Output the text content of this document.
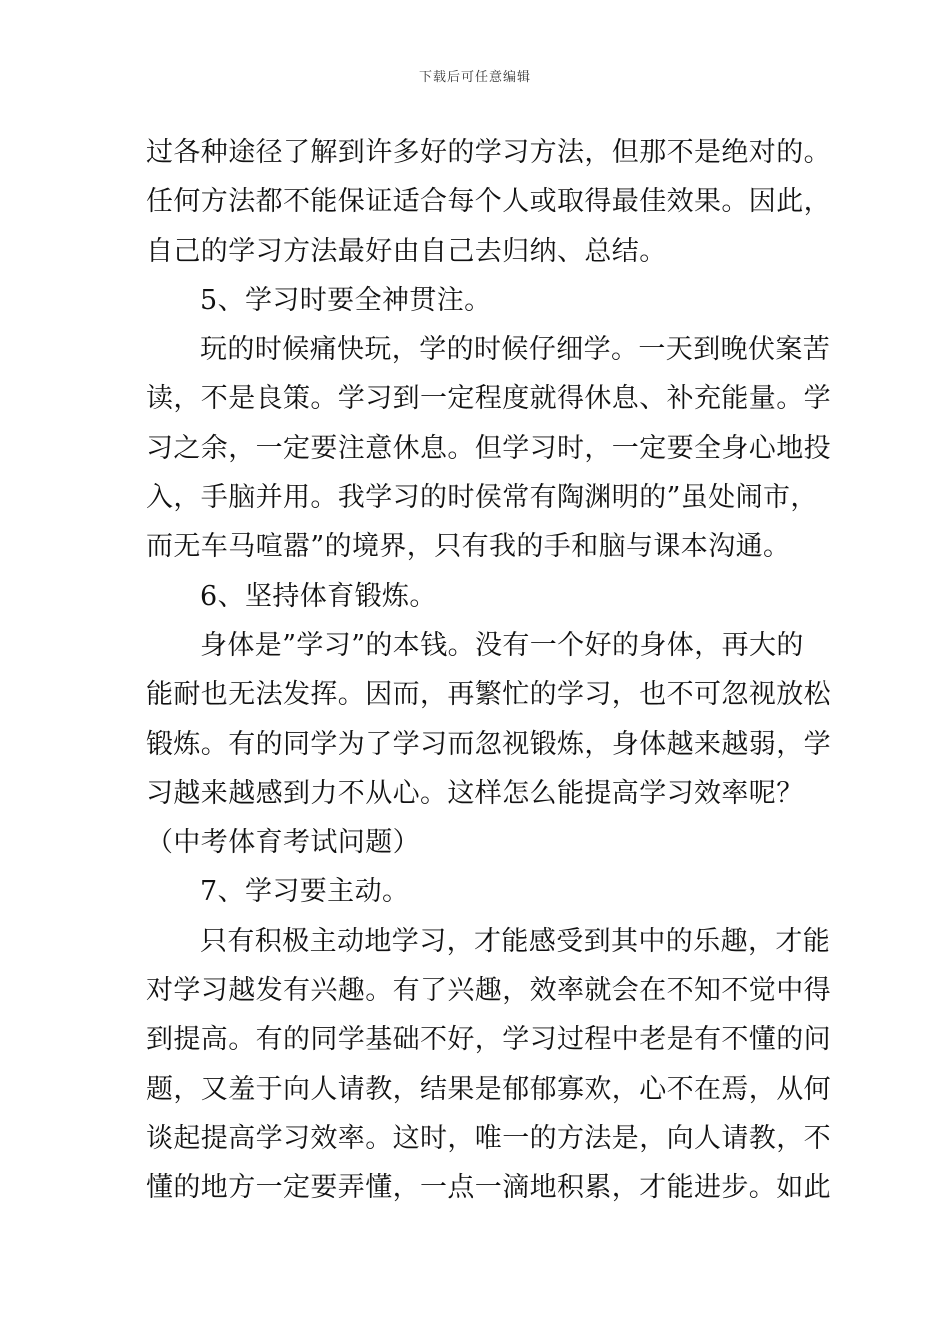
下载后可任意编辑
过各种途径了解到许多好的学习方法，但那不是绝对的。
任何方法都不能保证适合每个人或取得最佳效果。因此，
自己的学习方法最好由自己去归纳、总结。
5、学习时要全神贯注。
玩的时候痛快玩，学的时候仔细学。一天到晚伏案苦
读，不是良策。学习到一定程度就得休息、补充能量。学
习之余，一定要注意休息。但学习时，一定要全身心地投
入，手脑并用。我学习的时侯常有陶渊明的”虽处闹市，
而无车马喧嚣”的境界，只有我的手和脑与课本沟通。
6、坚持体育锻炼。
身体是”学习”的本钱。没有一个好的身体，再大的
能耐也无法发挥。因而，再繁忙的学习，也不可忽视放松
锻炼。有的同学为了学习而忽视锻炼，身体越来越弱，学
习越来越感到力不从心。这样怎么能提高学习效率呢？
（中考体育考试问题）
7、学习要主动。
只有积极主动地学习，才能感受到其中的乐趣，才能
对学习越发有兴趣。有了兴趣，效率就会在不知不觉中得
到提高。有的同学基础不好，学习过程中老是有不懂的问
题，又羞于向人请教，结果是郁郁寡欢，心不在焉，从何
谈起提高学习效率。这时，唯一的方法是，向人请教，不
懂的地方一定要弄懂，一点一滴地积累，才能进步。如此
